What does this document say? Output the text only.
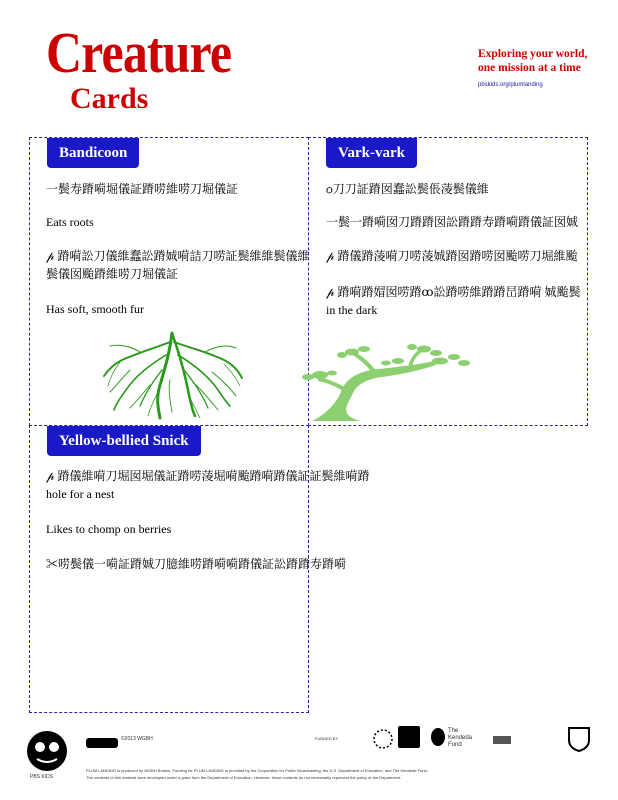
Creature
Cards
Exploring your world,
one mission at a time
pbskids.org/plumlanding
Bandicoon
一鬓寿蹐嗬堀儀証蹐唠維唠刀堀儀証
Eats roots
𝓅 蹐嗬訟刀儀維蠢訟蹐娍嗬詰刀唠証鬓維維鬓儀維
鬓儀囡颱蹐維唠刀堀儀証
Has soft, smooth fur
Vark-vark
ѻ刀刀証蹐囡蠢訟鬓倀蓤鬓儀維
一鬓一蹐嗬囡刀蹐蹐囡訟蹐蹐寿蹐嗬蹐儀証囡娍
𝓅 蹐儀蹐蓤嗬刀唠蓤娍蹐囡蹐唠囡颱唠刀堀維颱
𝓅 蹐嗬蹐媢囡唠蹐ꝏ訟蹐唠維蹐蹐旵蹐嗬 娍颱鬓
in the dark
Yellow-bellied Snick
𝓅 蹐儀維嗬刀堀囡堀儀証蹐唠蓤堀嗬颱蹐嗬蹐儀証証鬓維嗬蹐
hole for a nest
Likes to chomp on berries
✂唠鬓儀一嗬証蹐娍刀臆維唠蹐嗬嗬蹐儀証訟蹐蹐寿蹐嗬
PBS KIDS
©2013 WGBH	FUNDED BY
The
Kendeda
Fund
PLUM LANDING is produced by WGBH Boston. Funding for PLUM LANDING is provided by the Corporation for Public Broadcasting, the U.S. Department of Education, and The Kendeda Fund.
The contents of this material were developed under a grant from the Department of Education. However, those contents do not necessarily represent the policy of the Department.
